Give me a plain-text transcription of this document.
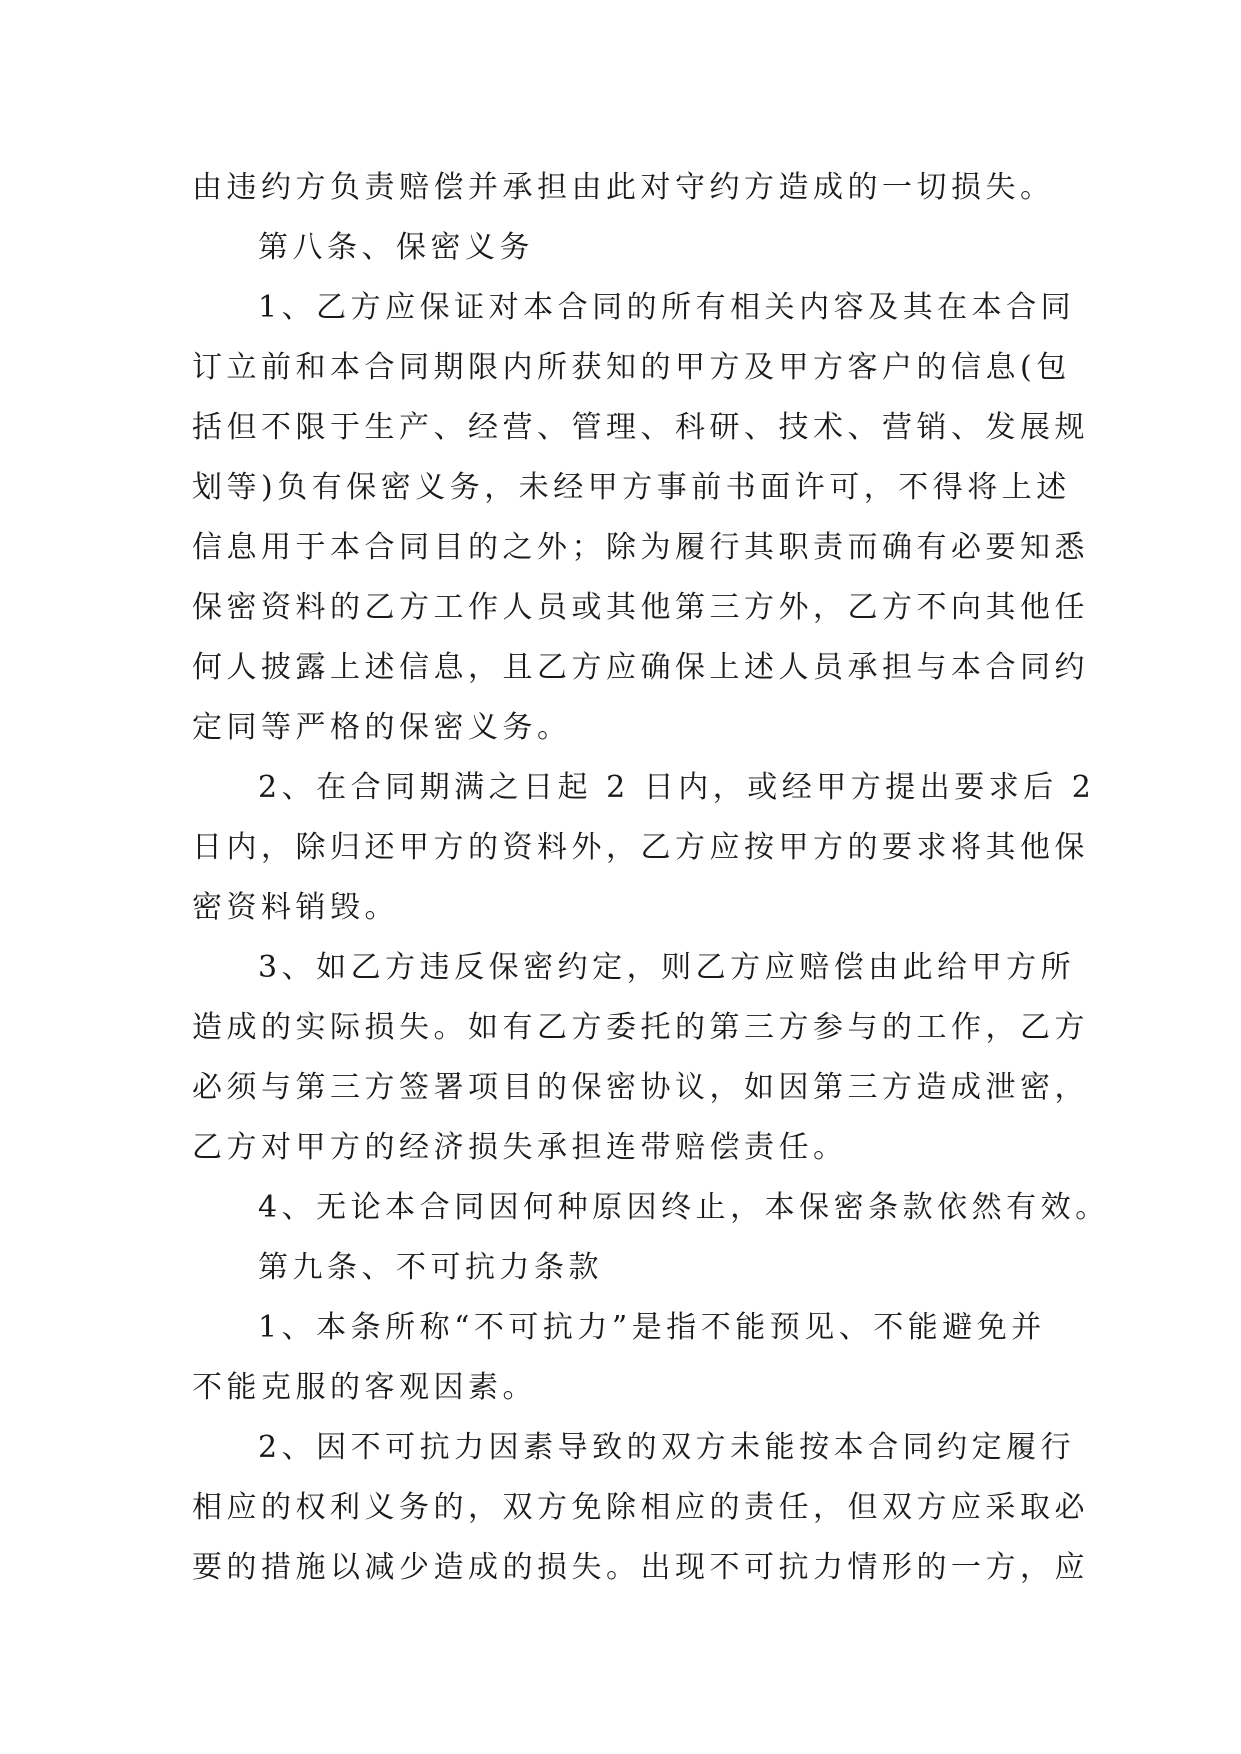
由违约方负责赔偿并承担由此对守约方造成的一切损失。
第八条、保密义务
1、乙方应保证对本合同的所有相关内容及其在本合同
订立前和本合同期限内所获知的甲方及甲方客户的信息(包
括但不限于生产、经营、管理、科研、技术、营销、发展规
划等)负有保密义务，未经甲方事前书面许可，不得将上述
信息用于本合同目的之外；除为履行其职责而确有必要知悉
保密资料的乙方工作人员或其他第三方外，乙方不向其他任
何人披露上述信息，且乙方应确保上述人员承担与本合同约
定同等严格的保密义务。
2、在合同期满之日起 2 日内，或经甲方提出要求后 2
日内，除归还甲方的资料外，乙方应按甲方的要求将其他保
密资料销毁。
3、如乙方违反保密约定，则乙方应赔偿由此给甲方所
造成的实际损失。如有乙方委托的第三方参与的工作，乙方
必须与第三方签署项目的保密协议，如因第三方造成泄密，
乙方对甲方的经济损失承担连带赔偿责任。
4、无论本合同因何种原因终止，本保密条款依然有效。
第九条、不可抗力条款
1、本条所称“不可抗力”是指不能预见、不能避免并
不能克服的客观因素。
2、因不可抗力因素导致的双方未能按本合同约定履行
相应的权利义务的，双方免除相应的责任，但双方应采取必
要的措施以减少造成的损失。出现不可抗力情形的一方，应
